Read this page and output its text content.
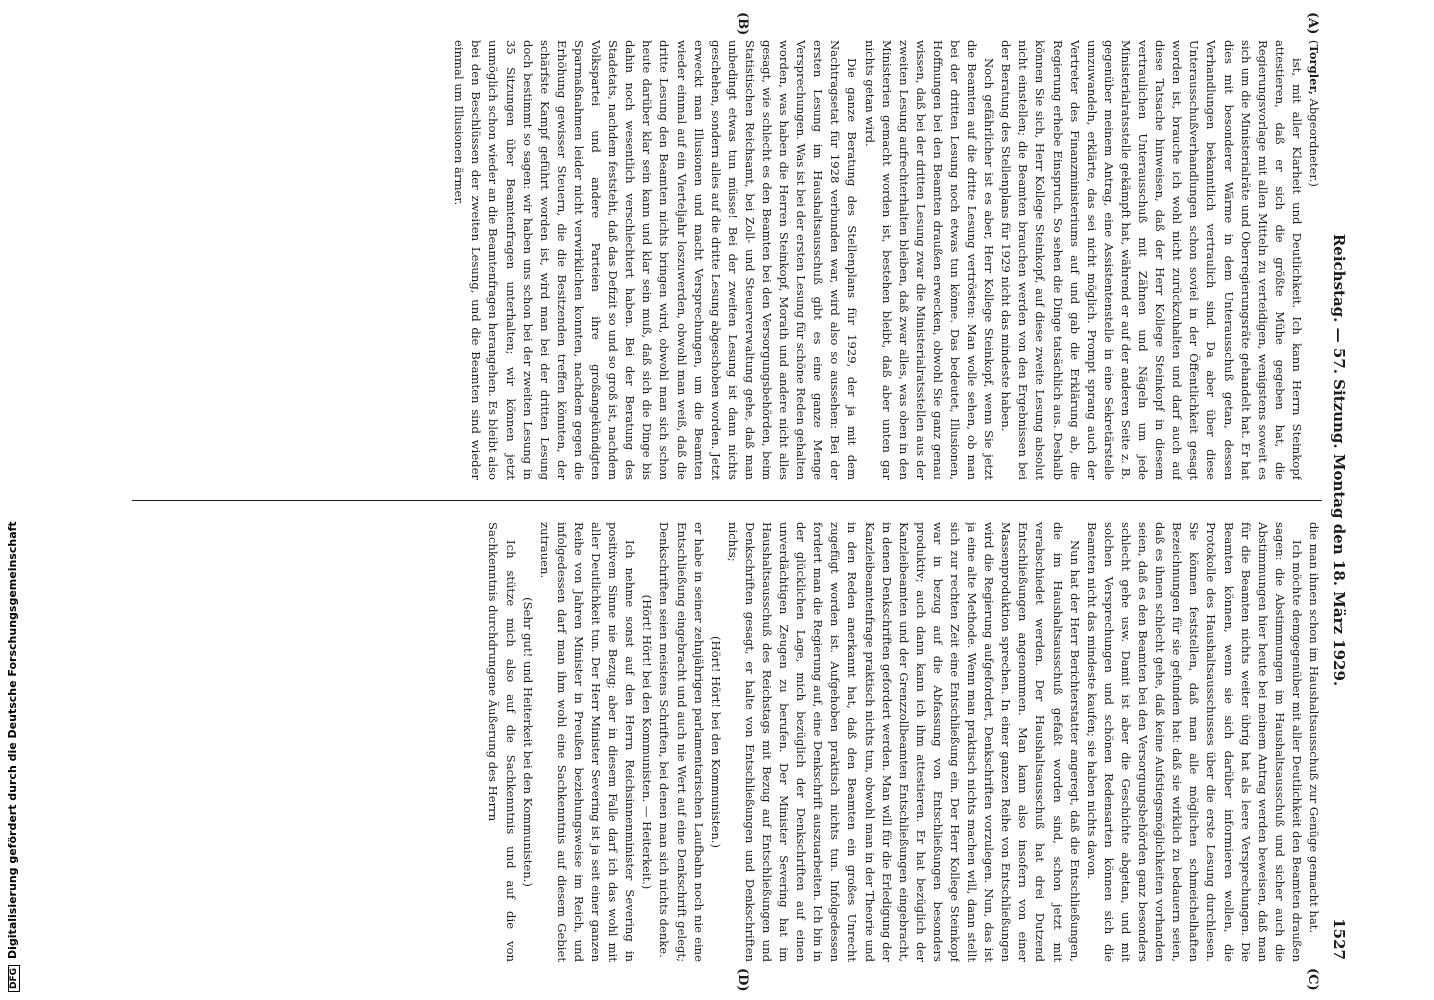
Reichstag. — 57. Sitzung. Montag den 18. März 1929.
1527
(A)
(B)
(C)
(D)

(Torgler, Abgeordneter.)

ist, mit aller Klarheit und Deutlichkeit. Ich kann Herrn Steinkopf attestieren, daß er sich die größte Mühe gegeben hat, die Regierungsvorlage mit allen Mitteln zu verteidigen, wenigstens soweit es sich um die Ministerialräte und Oberregierungsräte gehandelt hat. Er hat dies mit besonderer Wärme in dem Unterausschuß getan, dessen Verhandlungen bekanntlich vertraulich sind. Da aber über diese Unterausschußverhandlungen schon soviel in der Öffentlichkeit gesagt worden ist, brauche ich wohl nicht zurückzuhalten und darf auch auf diese Tatsache hinweisen, daß der Herr Kollege Steinkopf in diesem vertraulichen Unterausschuß mit Zähnen und Nägeln um jede Ministerialratsstelle gekämpft hat, während er auf der anderen Seite z. B. gegenüber meinem Antrag, eine Assistentenstelle in eine Sekretärstelle umzuwandeln, erklärte, das sei nicht möglich. Prompt sprang auch der Vertreter des Finanzministeriums auf und gab die Erklärung ab, die Regierung erhebe Einspruch. So sehen die Dinge tatsächlich aus. Deshalb können Sie sich, Herr Kollege Steinkopf, auf diese zweite Lesung absolut nicht einstellen; die Beamten brauchen werden von den Ergebnissen bei der Beratung des Stellenplans für 1929 nicht das mindeste haben.

Noch gefährlicher ist es aber, Herr Kollege Steinkopf, wenn Sie jetzt die Beamten auf die dritte Lesung vertrösten: Man wolle sehen, ob man bei der dritten Lesung noch etwas tun könne. Das bedeutet, Illusionen, Hoffnungen bei den Beamten draußen erwecken, obwohl Sie ganz genau wissen, daß bei der dritten Lesung zwar die Ministerialratsstellen aus der zweiten Lesung aufrechterhalten bleiben, daß zwar alles, was oben in den Ministerien gemacht worden ist, bestehen bleibt, daß aber unten gar nichts getan wird.

Die ganze Beratung des Stellenplans für 1929, der ja mit dem Nachtragsetat für 1928 verbunden war, wird also so aussehen: Bei der ersten Lesung im Haushaltsausschuß gibt es eine ganze Menge Versprechungen. Was ist bei der ersten Lesung für schöne Reden gehalten worden, was haben die Herren Steinkopf, Morath und andere nicht alles gesagt, wie schlecht es den Beamten bei den Versorgungsbehörden, beim Statistischen Reichsamt, bei Zoll- und Steuerverwaltung gehe, daß man unbedingt etwas tun müsse! Bei der zweiten Lesung ist dann nichts geschehen, sondern alles auf die dritte Lesung abgeschoben worden. Jetzt erweckt man Illusionen und macht Versprechungen, um die Beamten wieder einmal auf ein Vierteljahr loszuwerden, obwohl man weiß, daß die dritte Lesung den Beamten nichts bringen wird, obwohl man sich schon heute darüber klar sein kann und klar sein muß, daß sich die Dinge bis dahin noch wesentlich verschlechtert haben. Bei der Beratung des Stadetats, nachdem feststeht, daß das Defizit so und so groß ist, nachdem Volkspartei und andere Parteien ihre großangekündigten Sparmaßnahmen leider nicht verwirklichen konnten, nachdem gegen die Erhöhung gewisser Steuern, die die Besitzenden treffen könnten, der schärfste Kampf geführt worden ist, wird man bei der dritten Lesung doch bestimmt so sagen: wir haben uns schon bei der zweiten Lesung in 35 Sitzungen über Beamtenfragen unterhalten; wir können jetzt unmöglich schon wieder an die Beamtenfragen herangehen. Es bleibt also bei den Beschlüssen der zweiten Lesung, und die Beamten sind wieder einmal um Illusionen ärmer.

die man ihnen schon im Haushaltsausschuß zur Genüge gemacht hat.

Ich möchte demgegenüber mit aller Deutlichkeit den Beamten draußen sagen: die Abstimmungen im Haushaltsausschuß und sicher auch die Abstimmungen hier heute bei meinem Antrag werden beweisen, daß man für die Beamten nichts weiter übrig hat als leere Versprechungen. Die Beamten können, wenn sie sich darüber informieren wollen, die Protokolle des Haushaltsausschusses über die erste Lesung durchlesen. Sie können feststellen, daß man alle möglichen schmeichelhaften Bezeichnungen für sie gefunden hat: daß sie wirklich zu bedauern seien, daß es ihnen schlecht gehe, daß keine Aufstiegsmöglichkeiten vorhanden seien, daß es den Beamten bei den Versorgungsbehörden ganz besonders schlecht gehe usw. Damit ist aber die Geschichte abgetan, und mit solchen Versprechungen und schönen Redensarten können sich die Beamten nicht das mindeste kaufen; sie haben nichts davon.

Nun hat der Herr Berichterstatter angeregt, daß die Entschließungen, die im Haushaltsausschuß gefaßt worden sind, schon jetzt mit verabschiedet werden. Der Haushaltsausschuß hat drei Dutzend Entschließungen angenommen. Man kann also insofern von einer Massenproduktion sprechen. In einer ganzen Reihe von Entschließungen wird die Regierung aufgefordert, Denkschriften vorzulegen. Nun, das ist ja eine alte Methode. Wenn man praktisch nichts machen will, dann stellt sich zur rechten Zeit eine Entschließung ein. Der Herr Kollege Steinkopf war in bezug auf die Abfassung von Entschließungen besonders produktiv; auch dann kann ich ihm attestieren. Er hat bezüglich der Kanzleibeamten und der Grenzzollbeamten Entschließungen eingebracht, in denen Denkschriften gefordert werden. Man will für die Erledigung der Kanzleibeamtenfrage praktisch nichts tun, obwohl man in der Theorie und in den Reden anerkannt hat, daß den Beamten ein großes Unrecht zugefügt worden ist. Aufgehoben praktisch nichts tun. Infolgedessen fordert man die Regierung auf, eine Denkschrift auszuarbeiten. Ich bin in der glücklichen Lage, mich bezüglich der Denkschriften auf einen unverdächtigen Zeugen zu berufen. Der Minister Severing hat im Haushaltsausschuß des Reichstags mit Bezug auf Entschließungen und Denkschriften gesagt, er halte von Entschließungen und Denkschriften nichts;

(Hört! Hört! bei den Kommunisten.)

er habe in seiner zehnjährigen parlamentarischen Laufbahn noch nie eine Entschließung eingebracht und auch nie Wert auf eine Denkschrift gelegt; Denkschriften seien meistens Schriften, bei denen man sich nichts denke.

(Hört! Hört! bei den Kommunisten. — Heiterkeit.)

Ich nehme sonst auf den Herrn Reichsinnenminister Severing in positivem Sinne nie Bezug; aber in diesem Falle darf ich das wohl mit aller Deutlichkeit tun. Der Herr Minister Severing ist ja seit einer ganzen Reihe von Jahren Minister in Preußen beziehungsweise im Reich, und infolgedessen darf man ihm wohl eine Sachkenntnis auf diesem Gebiet zutrauen.

(Sehr gut! und Heiterkeit bei den Kommunisten.)

Ich stütze mich also auf die Sachkenntnis und auf die von Sachkenntnis durchdrungene Äußerung des Herrn

DFGDigitalisierung gefördert durch die Deutsche Forschungsgemeinschaft
